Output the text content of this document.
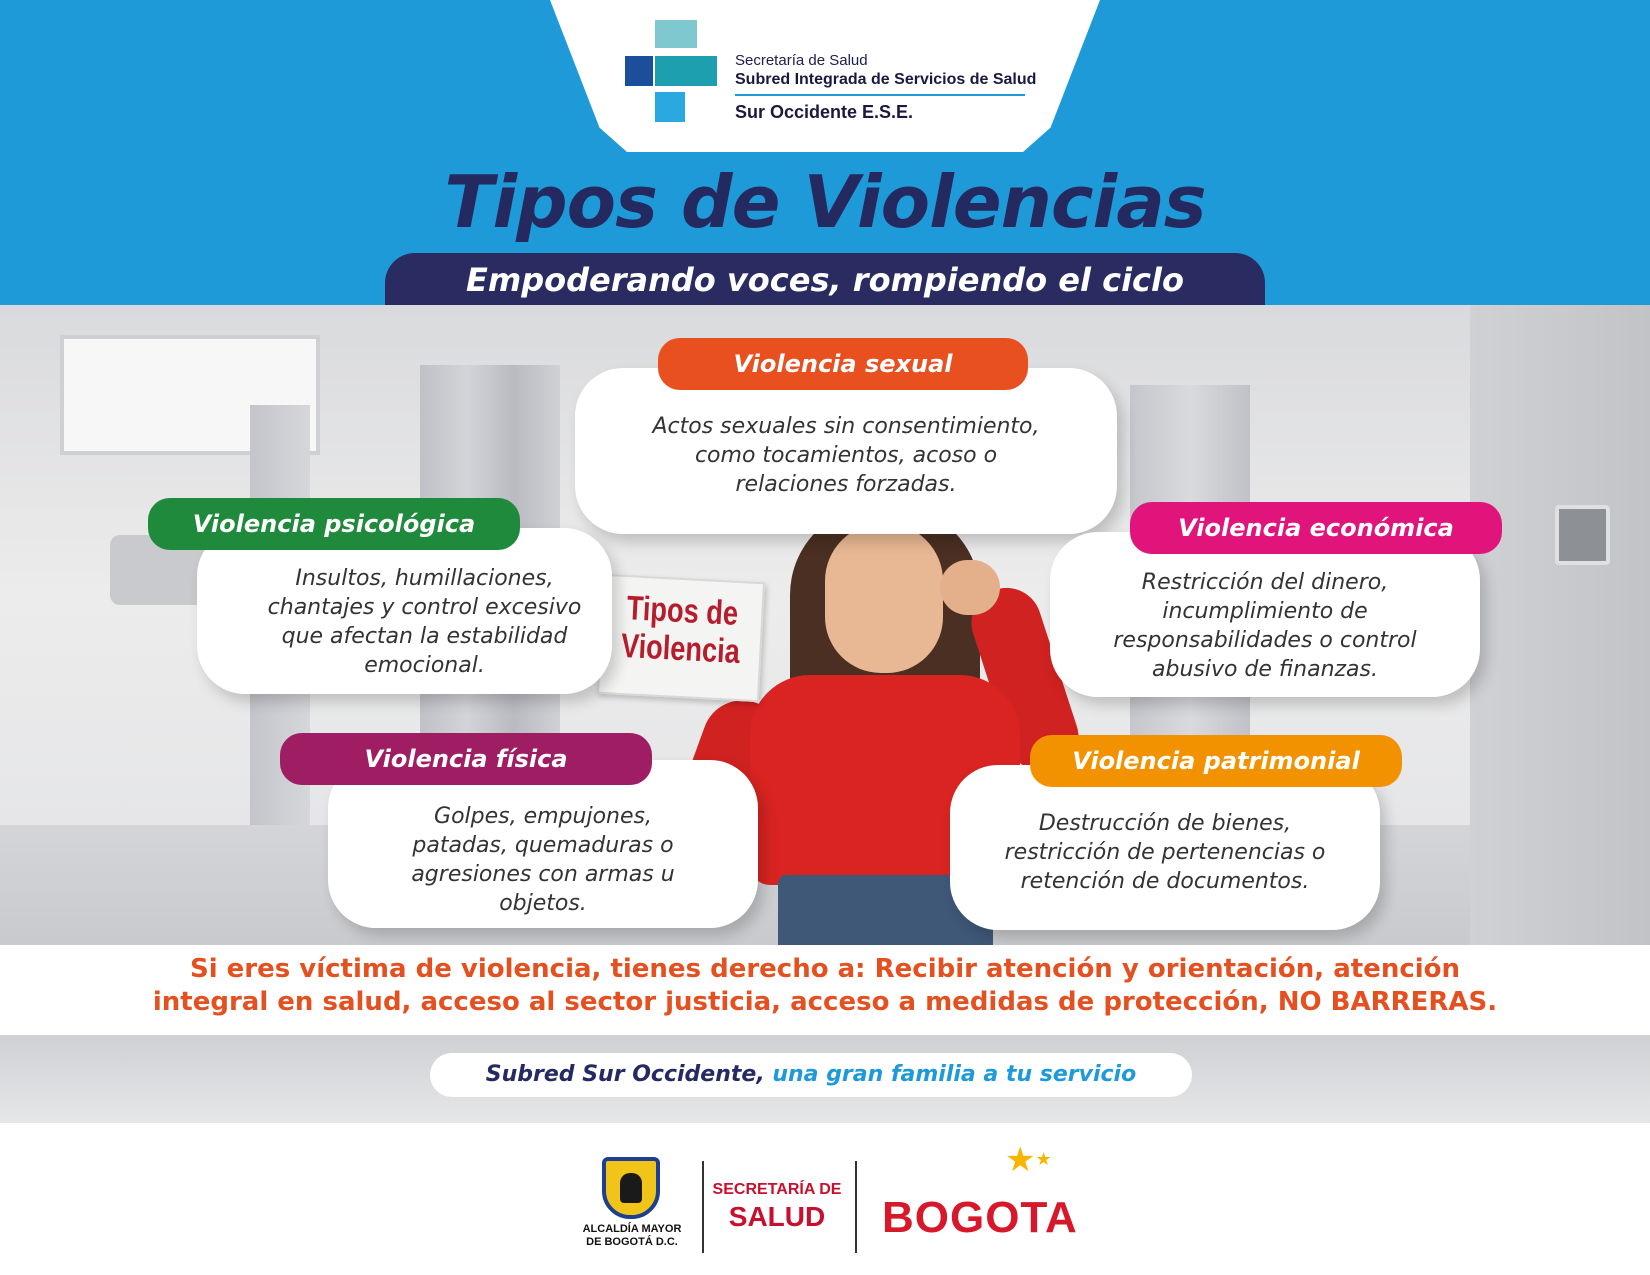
Secretaría de Salud
Subred Integrada de Servicios de Salud
Sur Occidente E.S.E.
Tipos de Violencias
Empoderando voces, rompiendo el ciclo
Tipos de
Violencia
Actos sexuales sin consentimiento,
como tocamientos, acoso o
relaciones forzadas.
Violencia sexual
Insultos, humillaciones,
chantajes y control excesivo
que afectan la estabilidad
emocional.
Violencia psicológica
Restricción del dinero,
incumplimiento de
responsabilidades o control
abusivo de finanzas.
Violencia económica
Golpes, empujones,
patadas, quemaduras o
agresiones con armas u
objetos.
Violencia física
Destrucción de bienes,
restricción de pertenencias o
retención de documentos.
Violencia patrimonial
Si eres víctima de violencia, tienes derecho a: Recibir atención y orientación, atención
integral en salud, acceso al sector justicia, acceso a medidas de protección, NO BARRERAS.
Subred Sur Occidente, una gran familia a tu servicio
ALCALDÍA MAYOR
DE BOGOTÁ D.C.
SECRETARÍA DE
SALUD	BOGOTA
★★
